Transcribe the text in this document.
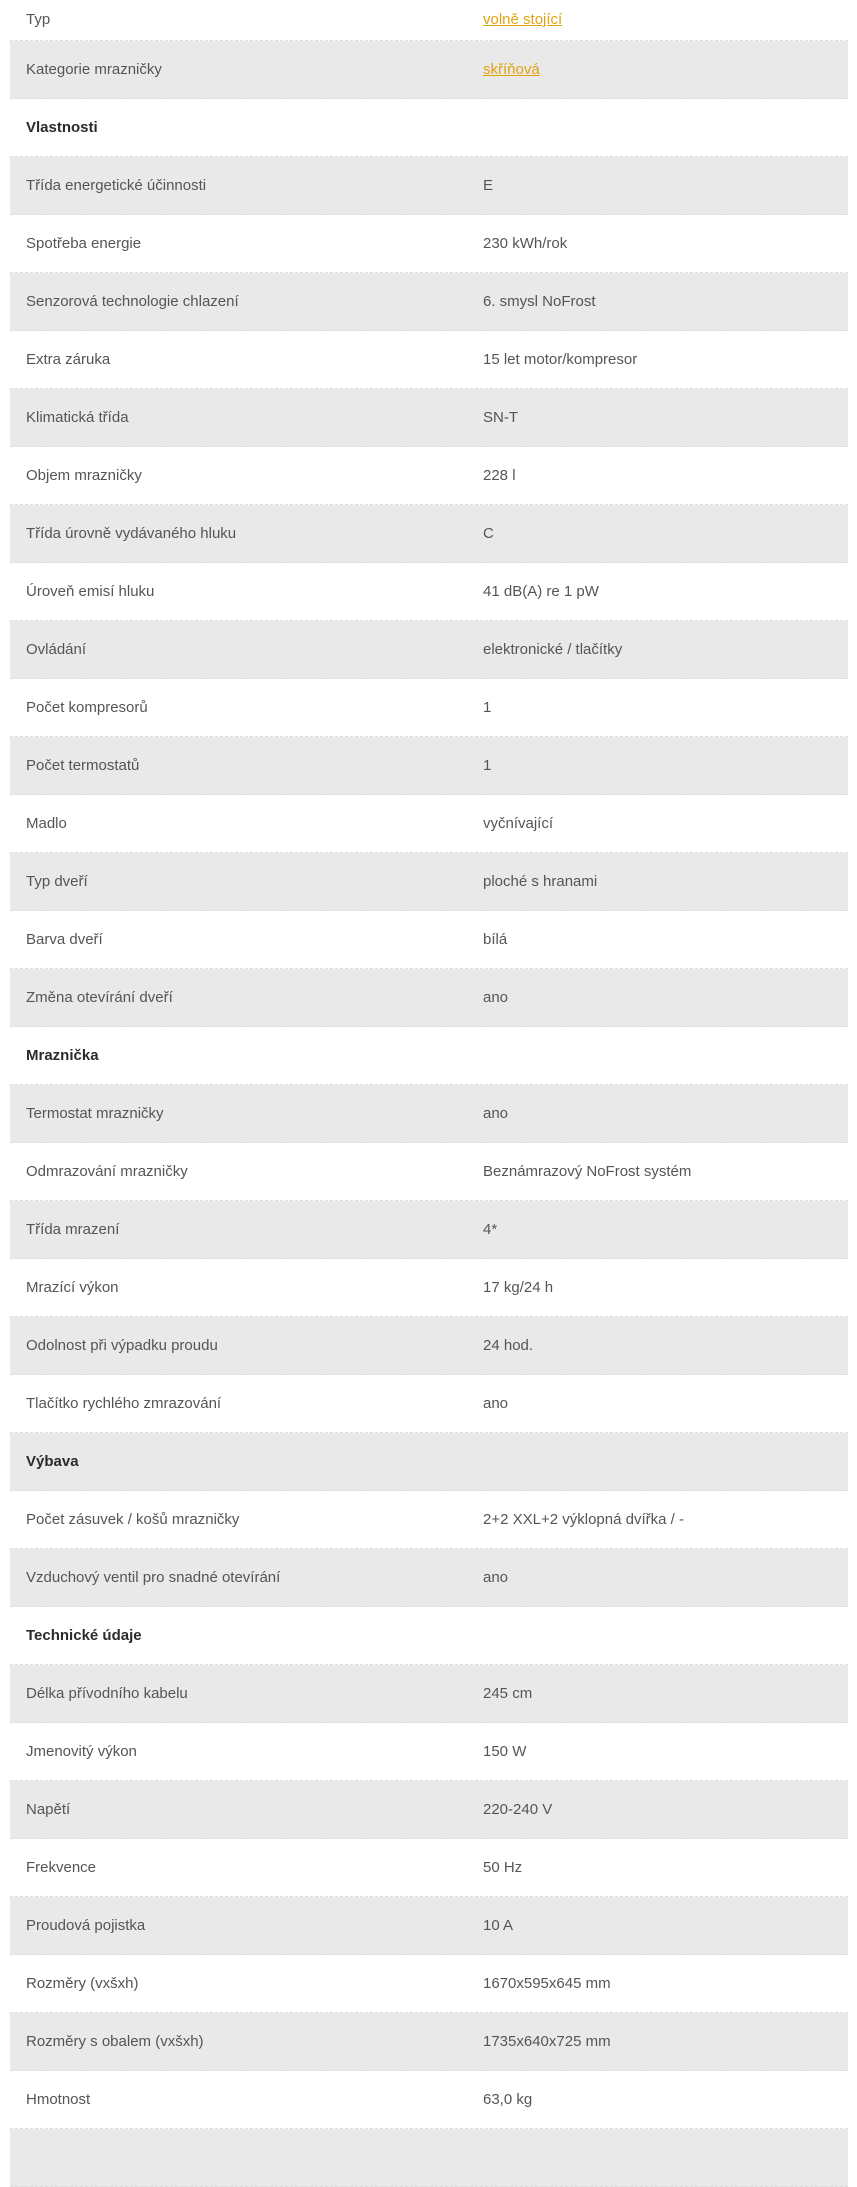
Typ	volně stojící
Kategorie mrazničky	skříňová
Vlastnosti
Třída energetické účinnosti	E
Spotřeba energie	230 kWh/rok
Senzorová technologie chlazení	6. smysl NoFrost
Extra záruka	15 let motor/kompresor
Klimatická třída	SN-T
Objem mrazničky	228 l
Třída úrovně vydávaného hluku	C
Úroveň emisí hluku	41 dB(A) re 1 pW
Ovládání	elektronické / tlačítky
Počet kompresorů	1
Počet termostatů	1
Madlo	vyčnívající
Typ dveří	ploché s hranami
Barva dveří	bílá
Změna otevírání dveří	ano
Mraznička
Termostat mrazničky	ano
Odmrazování mrazničky	Beznámrazový NoFrost systém
Třída mrazení	4*
Mrazící výkon	17 kg/24 h
Odolnost při výpadku proudu	24 hod.
Tlačítko rychlého zmrazování	ano
Výbava
Počet zásuvek / košů mrazničky	2+2 XXL+2 výklopná dvířka / -
Vzduchový ventil pro snadné otevírání	ano
Technické údaje
Délka přívodního kabelu	245 cm
Jmenovitý výkon	150 W
Napětí	220-240 V
Frekvence	50 Hz
Proudová pojistka	10 A
Rozměry (vxšxh)	1670x595x645 mm
Rozměry s obalem (vxšxh)	1735x640x725 mm
Hmotnost	63,0 kg
